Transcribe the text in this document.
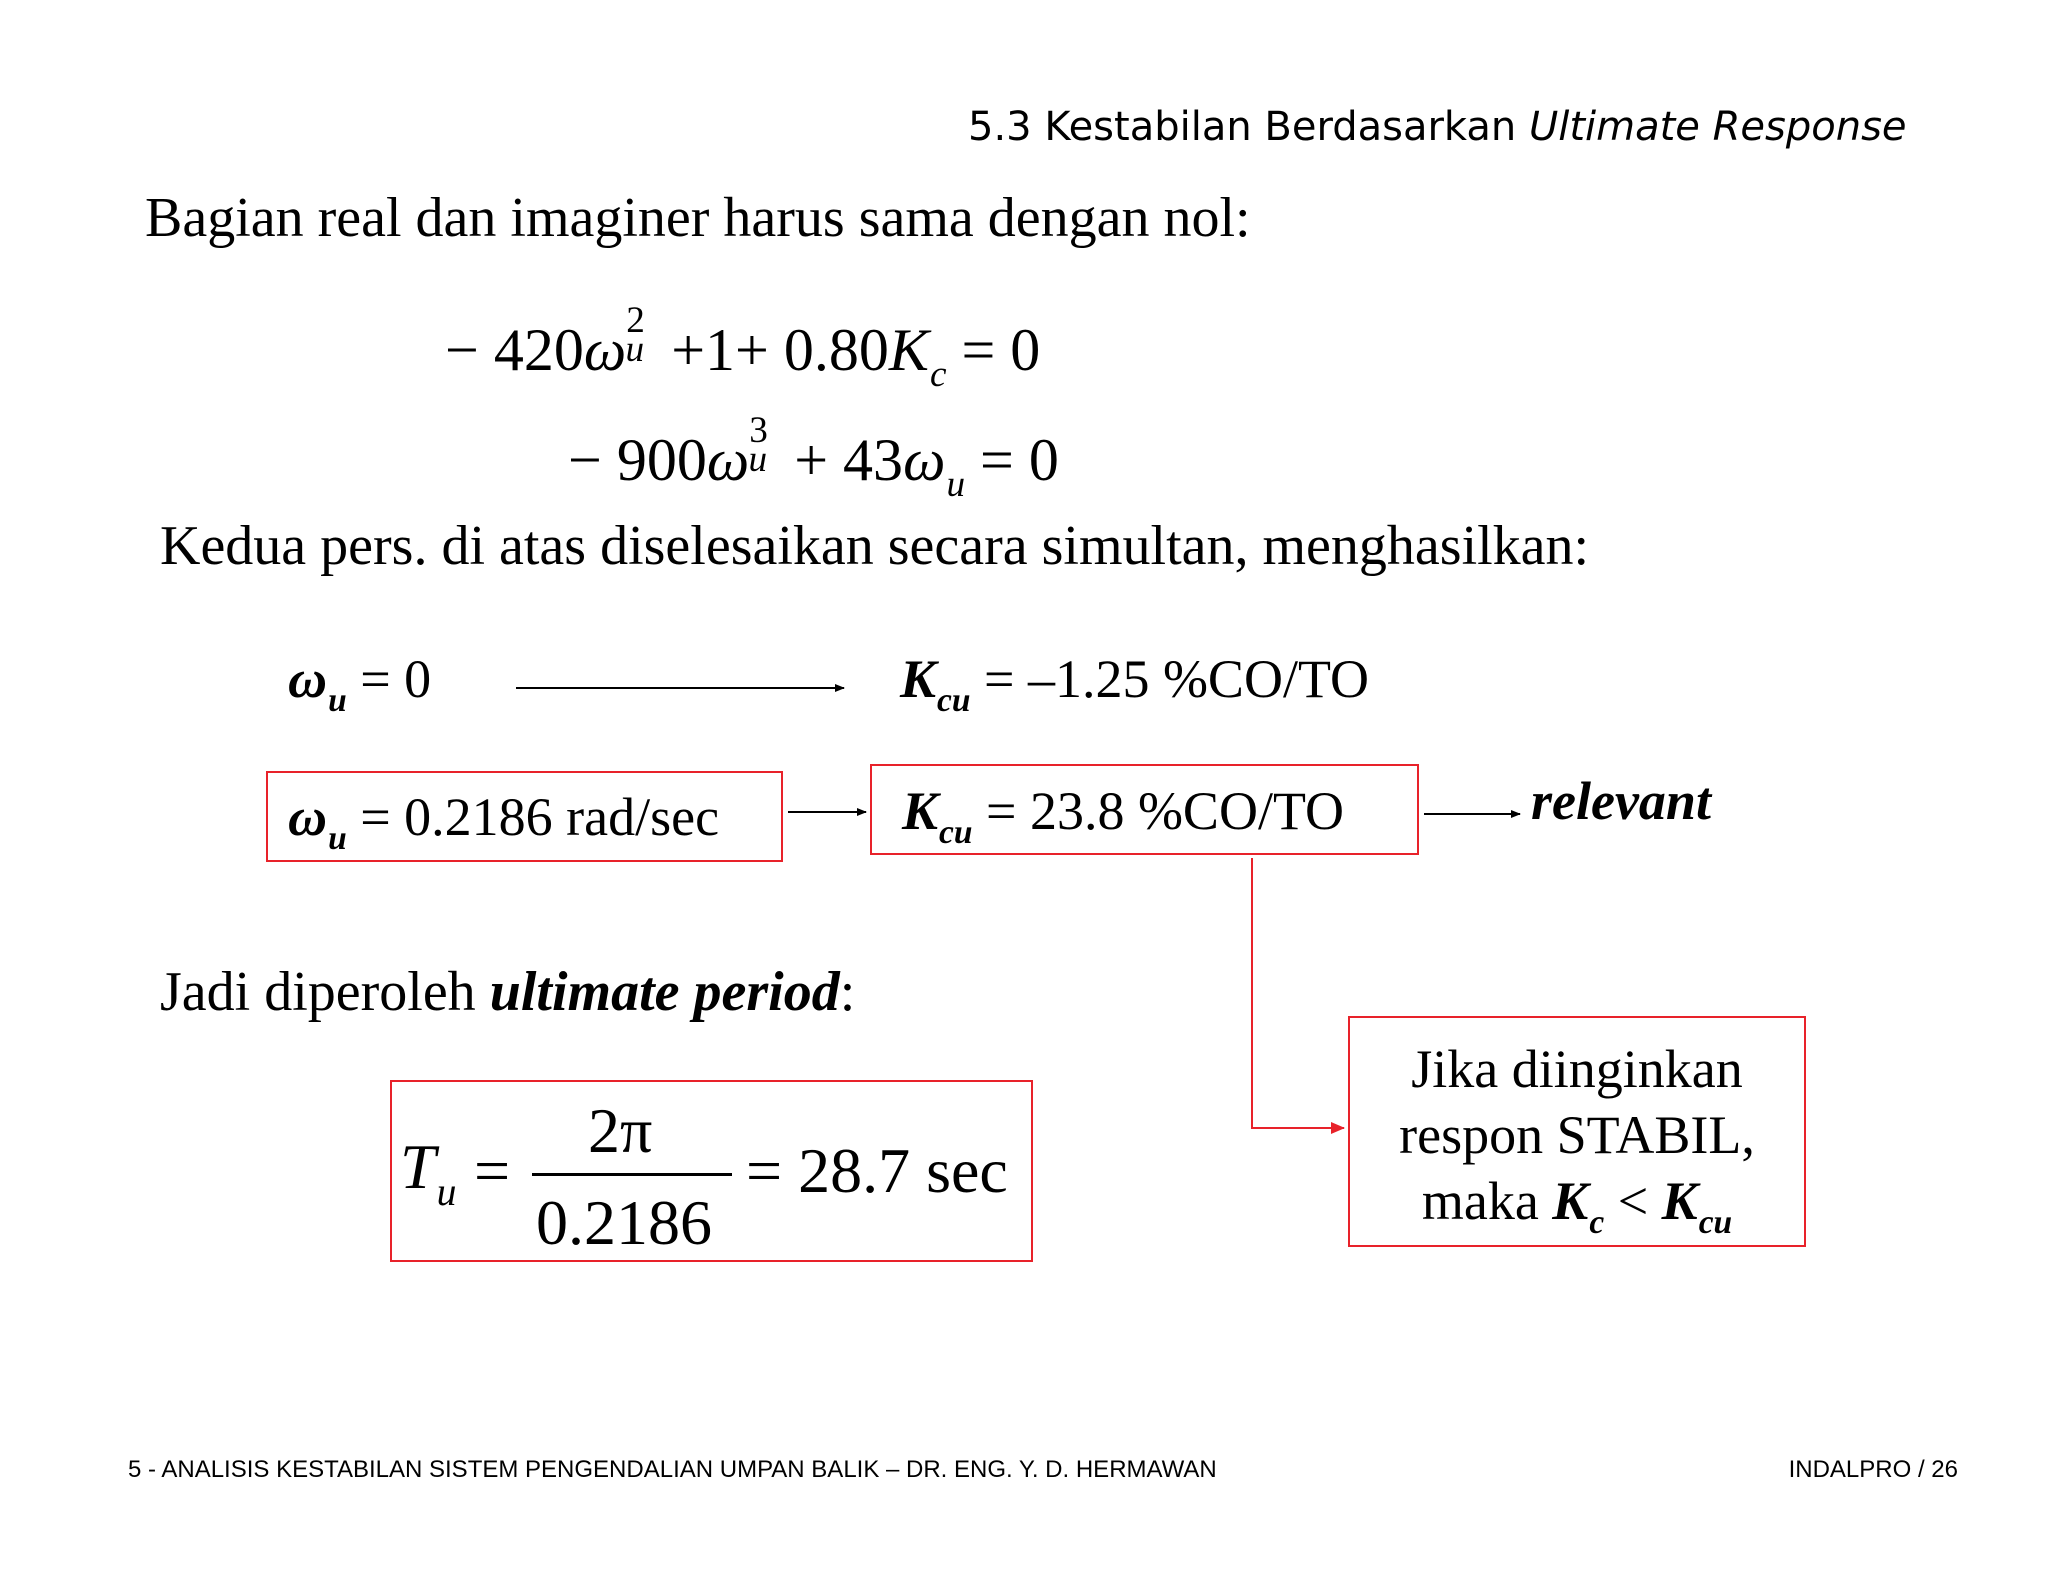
5.3 Kestabilan Berdasarkan Ultimate Response
Bagian real dan imaginer harus sama dengan nol:
− 420ω 2
$u +1+ 0.80K_c = 0$
− 900ω 3
$u + 43\omega_u = 0$
Kedua pers. di atas diselesaikan secara simultan, menghasilkan:
$\omega_u = 0$	$K_{cu} = -1.25$ %CO/TO
$\omega_u = 0.2186$ rad/sec	$K_{cu} = 23.8$ %CO/TO	relevant
Jadi diperoleh ultimate period:
$T_u$ =
2π
0.2186
= 28.7 sec
Jika diinginkan
respon STABIL,
maka $K_c < K_{cu}$
5 - ANALISIS KESTABILAN SISTEM PENGENDALIAN UMPAN BALIK – DR. ENG. Y. D. HERMAWAN	INDALPRO / 26
